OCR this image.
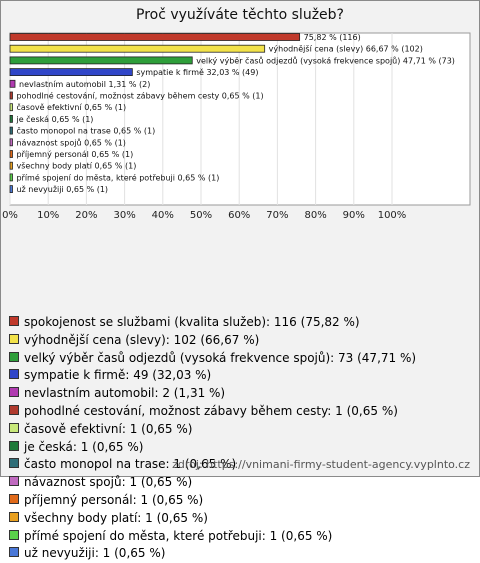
Proč využíváte těchto služeb?
0% 10% 20% 30% 40% 50% 60% 70% 80% 90% 100%
75,82 % (116)
výhodnější cena (slevy) 66,67 % (102)
velký výběr časů odjezdů (vysoká frekvence spojů) 47,71 % (73)
sympatie k firmě 32,03 % (49)
nevlastním automobil 1,31 % (2)
pohodlné cestování, možnost zábavy během cesty 0,65 % (1)
časově efektivní 0,65 % (1)
je česká 0,65 % (1)
často monopol na trase 0,65 % (1)
návaznost spojů 0,65 % (1)
příjemný personál 0,65 % (1)
všechny body platí 0,65 % (1)
přímé spojení do města, které potřebuji 0,65 % (1)
už nevyužiji 0,65 % (1)
spokojenost se službami (kvalita služeb): 116 (75,82 %)
výhodnější cena (slevy): 102 (66,67 %)
velký výběr časů odjezdů (vysoká frekvence spojů): 73 (47,71 %)
sympatie k firmě: 49 (32,03 %)
nevlastním automobil: 2 (1,31 %)
pohodlné cestování, možnost zábavy během cesty: 1 (0,65 %)
časově efektivní: 1 (0,65 %)
je česká: 1 (0,65 %)
často monopol na trase: 1 (0,65 %)
návaznost spojů: 1 (0,65 %)
příjemný personál: 1 (0,65 %)
všechny body platí: 1 (0,65 %)
přímé spojení do města, které potřebuji: 1 (0,65 %)
už nevyužiji: 1 (0,65 %)
zdroj: https://vnimani-firmy-student-agency.vyplnto.cz
